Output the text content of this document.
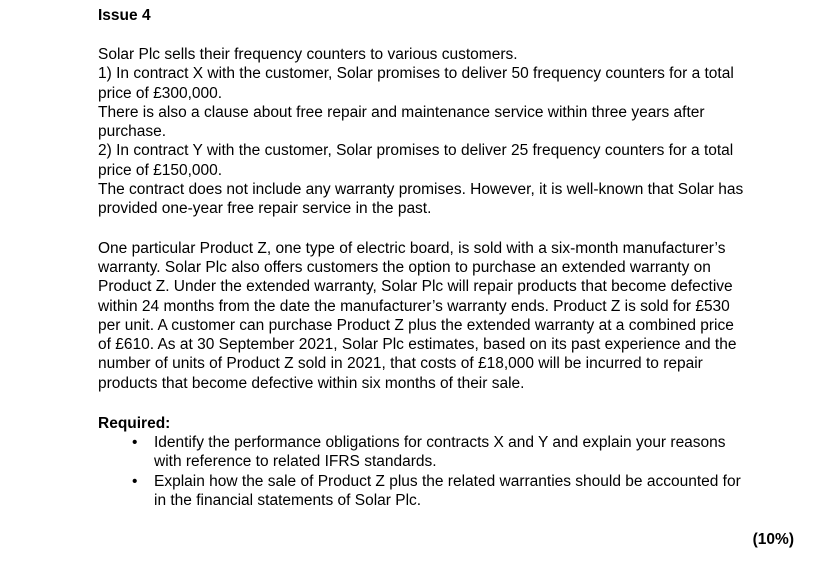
Issue 4
Solar Plc sells their frequency counters to various customers.
1) In contract X with the customer, Solar promises to deliver 50 frequency counters for a total
price of £300,000.
There is also a clause about free repair and maintenance service within three years after
purchase.
2) In contract Y with the customer, Solar promises to deliver 25 frequency counters for a total
price of £150,000.
The contract does not include any warranty promises. However, it is well-known that Solar has
provided one-year free repair service in the past.
One particular Product Z, one type of electric board, is sold with a six-month manufacturer’s
warranty. Solar Plc also offers customers the option to purchase an extended warranty on
Product Z. Under the extended warranty, Solar Plc will repair products that become defective
within 24 months from the date the manufacturer’s warranty ends. Product Z is sold for £530
per unit. A customer can purchase Product Z plus the extended warranty at a combined price
of £610. As at 30 September 2021, Solar Plc estimates, based on its past experience and the
number of units of Product Z sold in 2021, that costs of £18,000 will be incurred to repair
products that become defective within six months of their sale.
Required:
• Identify the performance obligations for contracts X and Y and explain your reasons
with reference to related IFRS standards.
• Explain how the sale of Product Z plus the related warranties should be accounted for
in the financial statements of Solar Plc.
(10%)
